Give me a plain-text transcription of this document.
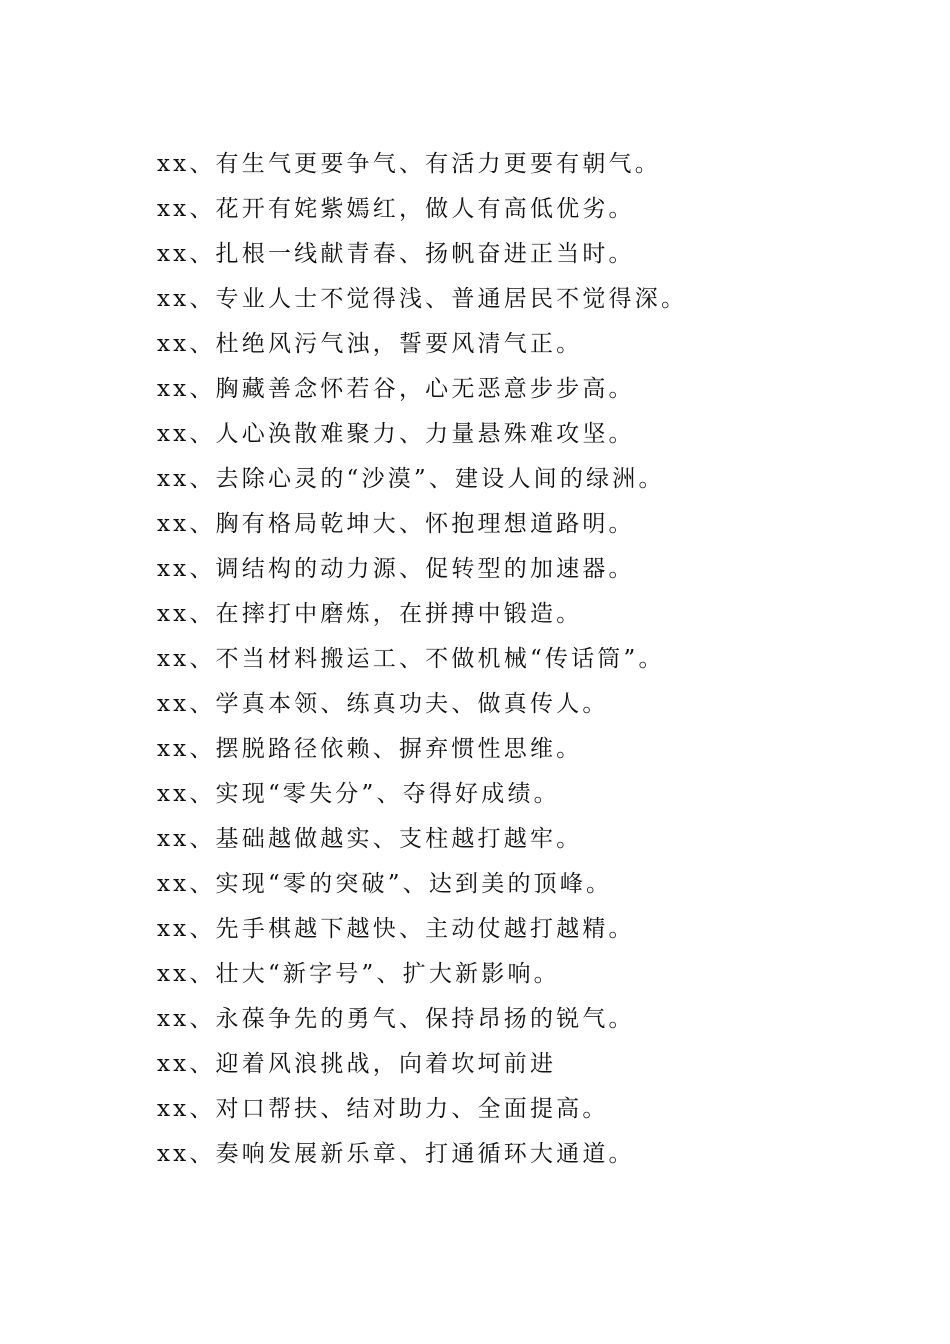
xx、有生气更要争气、有活力更要有朝气。
xx、花开有姹紫嫣红，做人有高低优劣。
xx、扎根一线献青春、扬帆奋进正当时。
xx、专业人士不觉得浅、普通居民不觉得深。
xx、杜绝风污气浊，誓要风清气正。
xx、胸藏善念怀若谷，心无恶意步步高。
xx、人心涣散难聚力、力量悬殊难攻坚。
xx、去除心灵的“沙漠”、建设人间的绿洲。
xx、胸有格局乾坤大、怀抱理想道路明。
xx、调结构的动力源、促转型的加速器。
xx、在摔打中磨炼，在拼搏中锻造。
xx、不当材料搬运工、不做机械“传话筒”。
xx、学真本领、练真功夫、做真传人。
xx、摆脱路径依赖、摒弃惯性思维。
xx、实现“零失分”、夺得好成绩。
xx、基础越做越实、支柱越打越牢。
xx、实现“零的突破”、达到美的顶峰。
xx、先手棋越下越快、主动仗越打越精。
xx、壮大“新字号”、扩大新影响。
xx、永葆争先的勇气、保持昂扬的锐气。
xx、迎着风浪挑战，向着坎坷前进
xx、对口帮扶、结对助力、全面提高。
xx、奏响发展新乐章、打通循环大通道。
